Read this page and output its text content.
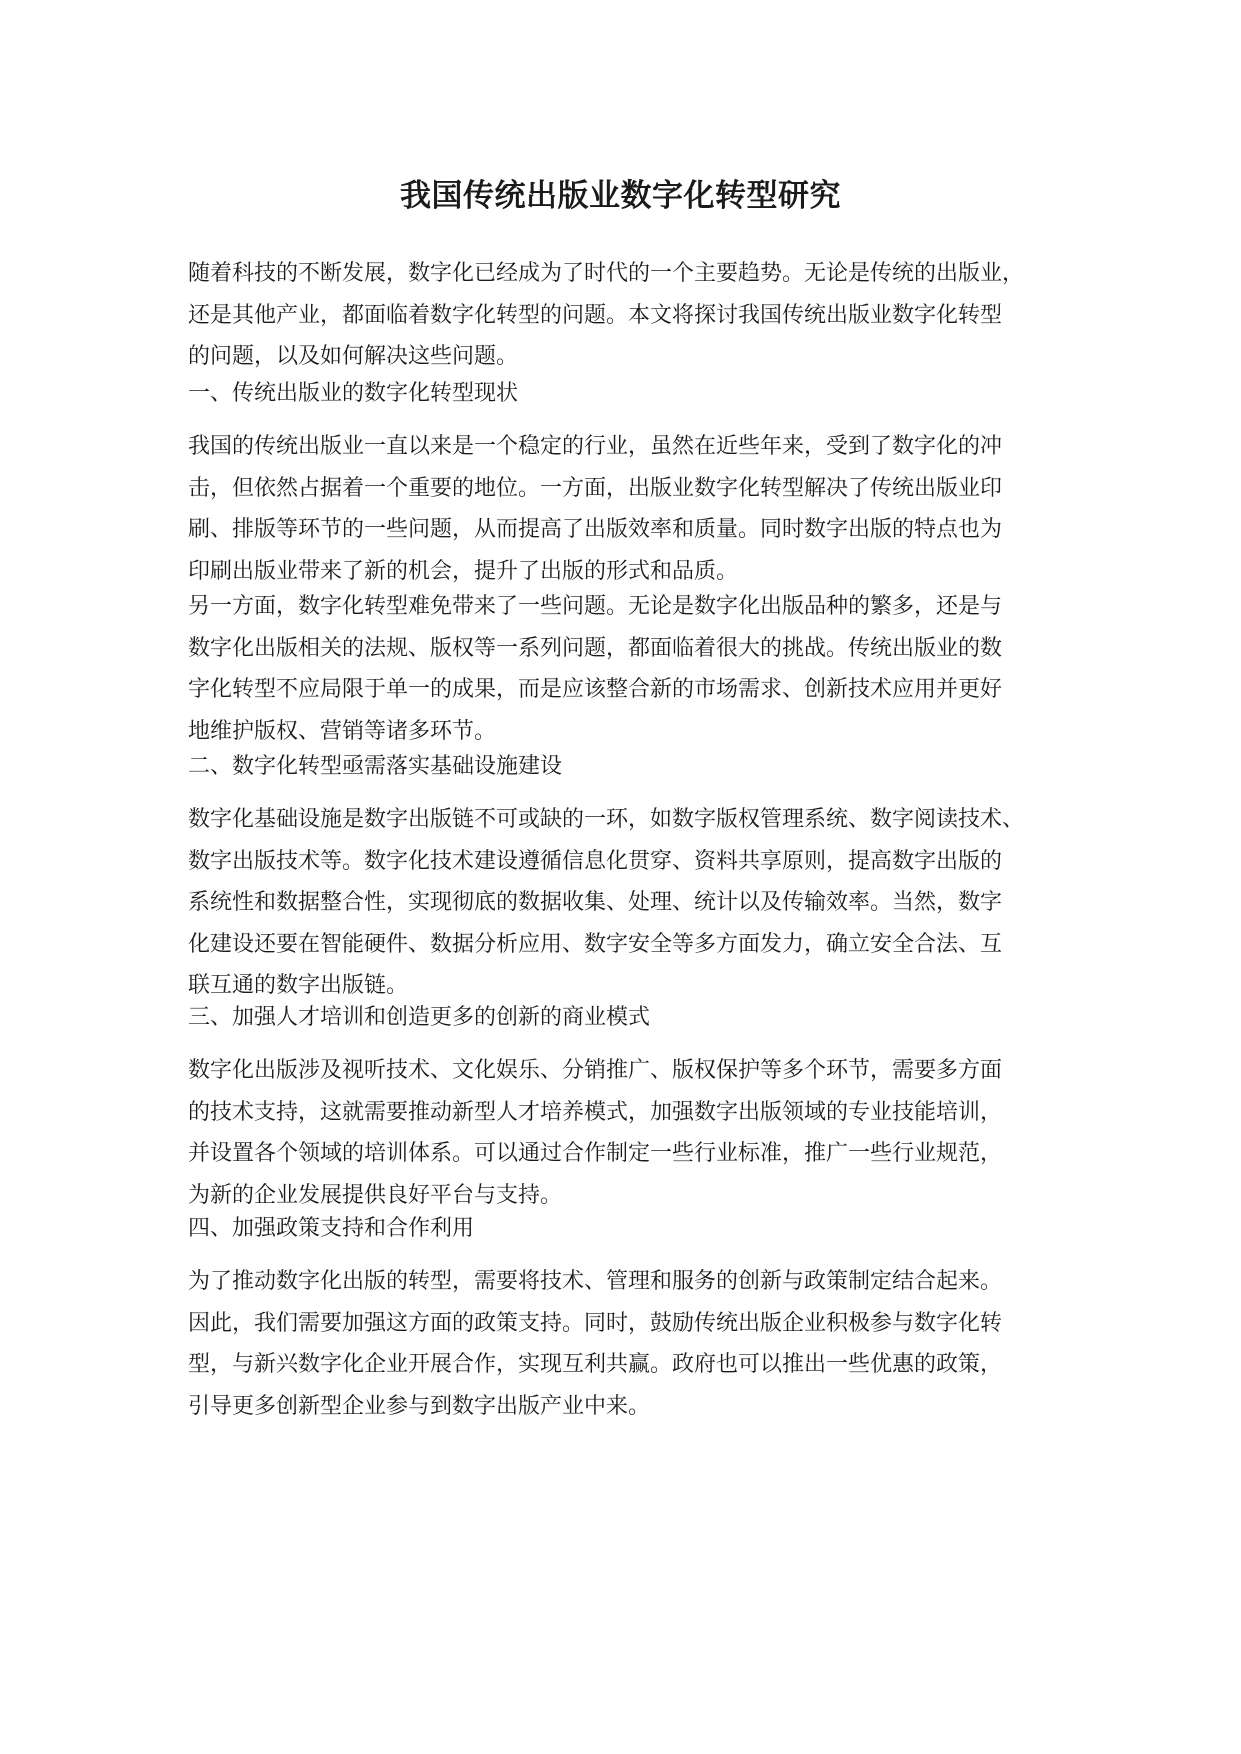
我国传统出版业数字化转型研究

随着科技的不断发展，数字化已经成为了时代的一个主要趋势。无论是传统的出版业，
还是其他产业，都面临着数字化转型的问题。本文将探讨我国传统出版业数字化转型
的问题，以及如何解决这些问题。

一、传统出版业的数字化转型现状

我国的传统出版业一直以来是一个稳定的行业，虽然在近些年来，受到了数字化的冲
击，但依然占据着一个重要的地位。一方面，出版业数字化转型解决了传统出版业印
刷、排版等环节的一些问题，从而提高了出版效率和质量。同时数字出版的特点也为
印刷出版业带来了新的机会，提升了出版的形式和品质。

另一方面，数字化转型难免带来了一些问题。无论是数字化出版品种的繁多，还是与
数字化出版相关的法规、版权等一系列问题，都面临着很大的挑战。传统出版业的数
字化转型不应局限于单一的成果，而是应该整合新的市场需求、创新技术应用并更好
地维护版权、营销等诸多环节。

二、数字化转型亟需落实基础设施建设

数字化基础设施是数字出版链不可或缺的一环，如数字版权管理系统、数字阅读技术、
数字出版技术等。数字化技术建设遵循信息化贯穿、资料共享原则，提高数字出版的
系统性和数据整合性，实现彻底的数据收集、处理、统计以及传输效率。当然，数字
化建设还要在智能硬件、数据分析应用、数字安全等多方面发力，确立安全合法、互
联互通的数字出版链。

三、加强人才培训和创造更多的创新的商业模式

数字化出版涉及视听技术、文化娱乐、分销推广、版权保护等多个环节，需要多方面
的技术支持，这就需要推动新型人才培养模式，加强数字出版领域的专业技能培训，
并设置各个领域的培训体系。可以通过合作制定一些行业标准，推广一些行业规范，
为新的企业发展提供良好平台与支持。

四、加强政策支持和合作利用

为了推动数字化出版的转型，需要将技术、管理和服务的创新与政策制定结合起来。
因此，我们需要加强这方面的政策支持。同时，鼓励传统出版企业积极参与数字化转
型，与新兴数字化企业开展合作，实现互利共赢。政府也可以推出一些优惠的政策，
引导更多创新型企业参与到数字出版产业中来。
